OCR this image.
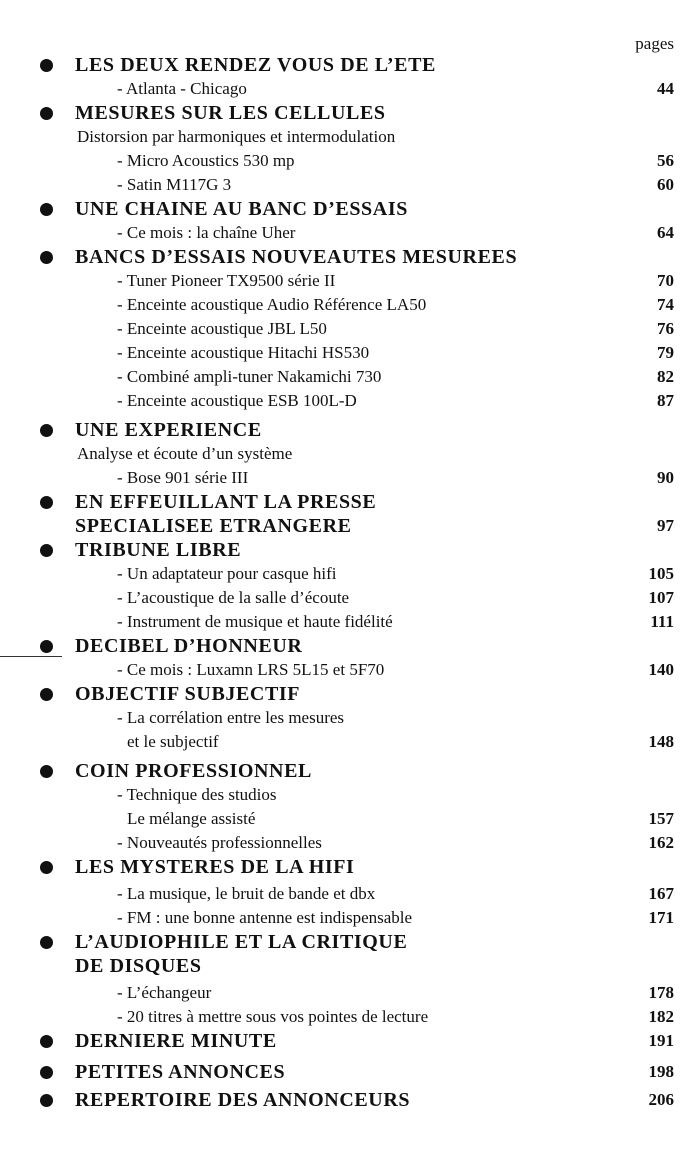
pages
LES DEUX RENDEZ VOUS DE L’ETE
- Atlanta - Chicago	44
MESURES SUR LES CELLULES
Distorsion par harmoniques et intermodulation
- Micro Acoustics 530 mp	56
- Satin M117G 3	60
UNE CHAINE AU BANC D’ESSAIS
- Ce mois : la chaîne Uher	64
BANCS D’ESSAIS NOUVEAUTES MESUREES
- Tuner Pioneer TX9500 série II	70
- Enceinte acoustique Audio Référence LA50	74
- Enceinte acoustique JBL L50	76
- Enceinte acoustique Hitachi HS530	79
- Combiné ampli-tuner Nakamichi 730	82
- Enceinte acoustique ESB 100L-D	87
UNE EXPERIENCE
Analyse et écoute d’un système
- Bose 901 série III	90
EN EFFEUILLANT LA PRESSE
SPECIALISEE ETRANGERE	97
TRIBUNE LIBRE
- Un adaptateur pour casque hifi	105
- L’acoustique de la salle d’écoute	107
- Instrument de musique et haute fidélité	111
DECIBEL D’HONNEUR
- Ce mois : Luxamn LRS 5L15 et 5F70	140
OBJECTIF SUBJECTIF
- La corrélation entre les mesures
et le subjectif	148
COIN PROFESSIONNEL
- Technique des studios
Le mélange assisté	157
- Nouveautés professionnelles	162
LES MYSTERES DE LA HIFI
- La musique, le bruit de bande et dbx	167
- FM : une bonne antenne est indispensable	171
L’AUDIOPHILE ET LA CRITIQUE
DE DISQUES
- L’échangeur	178
- 20 titres à mettre sous vos pointes de lecture	182
DERNIERE MINUTE	191
PETITES ANNONCES	198
REPERTOIRE DES ANNONCEURS	206
